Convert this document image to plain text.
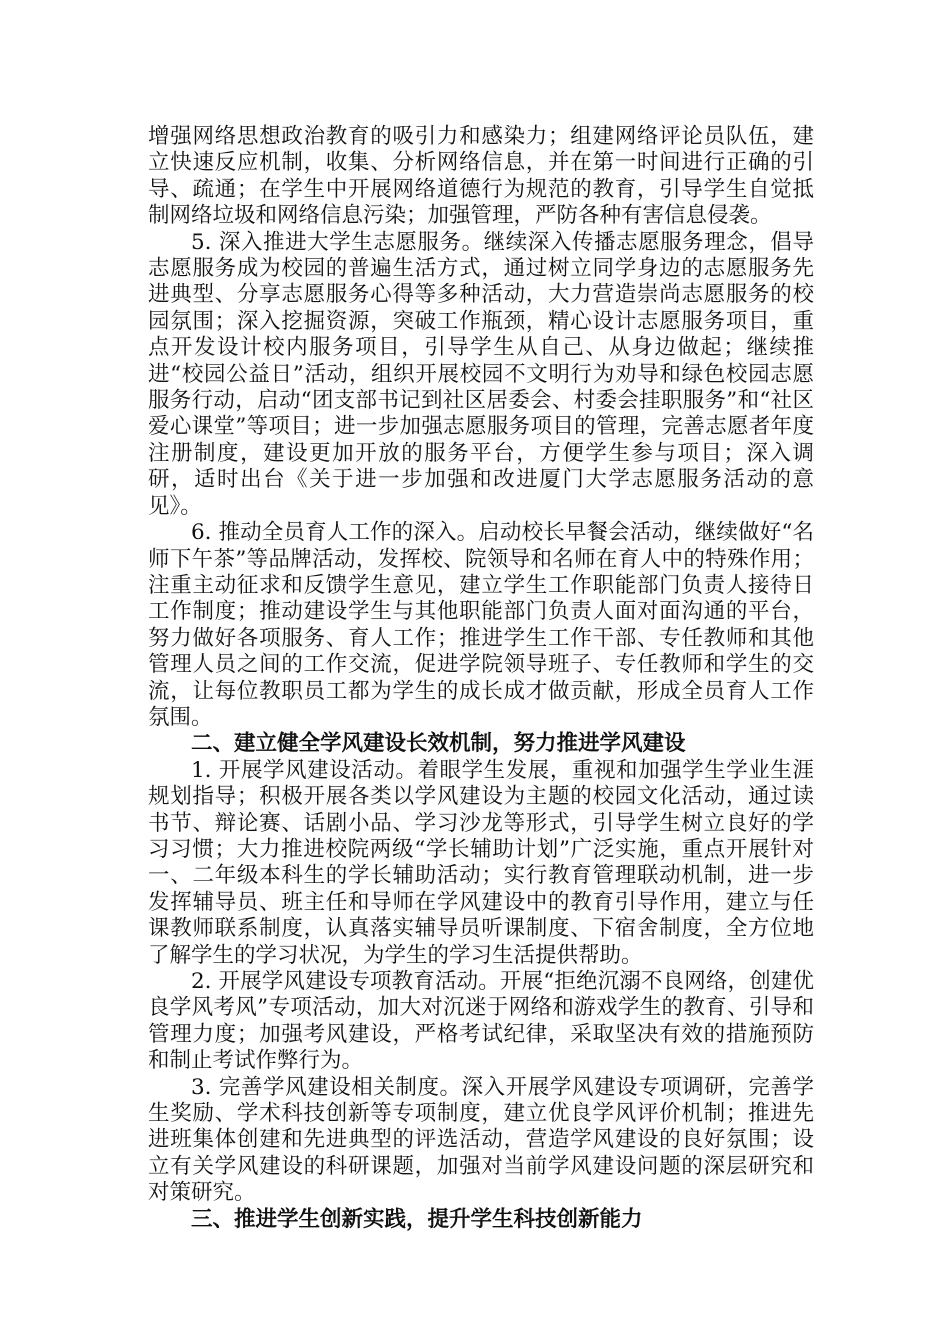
增强网络思想政治教育的吸引力和感染力；组建网络评论员队伍，建立快速反应机制，收集、分析网络信息，并在第一时间进行正确的引导、疏通；在学生中开展网络道德行为规范的教育，引导学生自觉抵制网络垃圾和网络信息污染；加强管理，严防各种有害信息侵袭。

5. 深入推进大学生志愿服务。继续深入传播志愿服务理念，倡导志愿服务成为校园的普遍生活方式，通过树立同学身边的志愿服务先进典型、分享志愿服务心得等多种活动，大力营造崇尚志愿服务的校园氛围；深入挖掘资源，突破工作瓶颈，精心设计志愿服务项目，重点开发设计校内服务项目，引导学生从自己、从身边做起；继续推进“校园公益日”活动，组织开展校园不文明行为劝导和绿色校园志愿服务行动，启动“团支部书记到社区居委会、村委会挂职服务”和“社区爱心课堂”等项目；进一步加强志愿服务项目的管理，完善志愿者年度注册制度，建设更加开放的服务平台，方便学生参与项目；深入调研，适时出台《关于进一步加强和改进厦门大学志愿服务活动的意见》。

6. 推动全员育人工作的深入。启动校长早餐会活动，继续做好“名师下午茶”等品牌活动，发挥校、院领导和名师在育人中的特殊作用；注重主动征求和反馈学生意见，建立学生工作职能部门负责人接待日工作制度；推动建设学生与其他职能部门负责人面对面沟通的平台，努力做好各项服务、育人工作；推进学生工作干部、专任教师和其他管理人员之间的工作交流，促进学院领导班子、专任教师和学生的交流，让每位教职员工都为学生的成长成才做贡献，形成全员育人工作氛围。

二、建立健全学风建设长效机制，努力推进学风建设

1. 开展学风建设活动。着眼学生发展，重视和加强学生学业生涯规划指导；积极开展各类以学风建设为主题的校园文化活动，通过读书节、辩论赛、话剧小品、学习沙龙等形式，引导学生树立良好的学习习惯；大力推进校院两级“学长辅助计划”广泛实施，重点开展针对一、二年级本科生的学长辅助活动；实行教育管理联动机制，进一步发挥辅导员、班主任和导师在学风建设中的教育引导作用，建立与任课教师联系制度，认真落实辅导员听课制度、下宿舍制度，全方位地了解学生的学习状况，为学生的学习生活提供帮助。

2. 开展学风建设专项教育活动。开展“拒绝沉溺不良网络，创建优良学风考风”专项活动，加大对沉迷于网络和游戏学生的教育、引导和管理力度；加强考风建设，严格考试纪律，采取坚决有效的措施预防和制止考试作弊行为。

3. 完善学风建设相关制度。深入开展学风建设专项调研，完善学生奖励、学术科技创新等专项制度，建立优良学风评价机制；推进先进班集体创建和先进典型的评选活动，营造学风建设的良好氛围；设立有关学风建设的科研课题，加强对当前学风建设问题的深层研究和对策研究。

三、推进学生创新实践，提升学生科技创新能力
